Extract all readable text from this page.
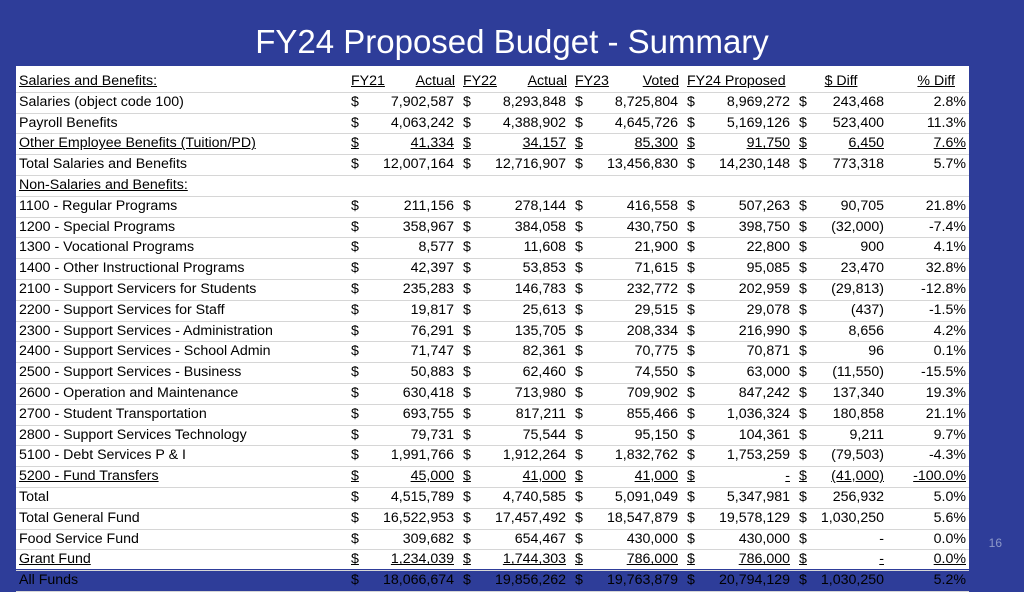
FY24 Proposed Budget - Summary
Salaries and Benefits:	FY21 Actual		FY22 Actual		FY23 Voted		FY24 Proposed		$ Diff		% Diff
Salaries (object code 100)	$	7,902,587	$	8,293,848	$	8,725,804	$	8,969,272	$	243,468	2.8%
Payroll Benefits	$	4,063,242	$	4,388,902	$	4,645,726	$	5,169,126	$	523,400	11.3%
Other Employee Benefits (Tuition/PD)	$	41,334	$	34,157	$	85,300	$	91,750	$	6,450	7.6%
Total Salaries and Benefits	$	12,007,164	$	12,716,907	$	13,456,830	$	14,230,148	$	773,318	5.7%
Non-Salaries and Benefits:											
1100 - Regular Programs	$	211,156	$	278,144	$	416,558	$	507,263	$	90,705	21.8%
1200 - Special Programs	$	358,967	$	384,058	$	430,750	$	398,750	$	(32,000)	-7.4%
1300 - Vocational Programs	$	8,577	$	11,608	$	21,900	$	22,800	$	900	4.1%
1400 - Other Instructional Programs	$	42,397	$	53,853	$	71,615	$	95,085	$	23,470	32.8%
2100 - Support Servicers for Students	$	235,283	$	146,783	$	232,772	$	202,959	$	(29,813)	-12.8%
2200 - Support Services for Staff	$	19,817	$	25,613	$	29,515	$	29,078	$	(437)	-1.5%
2300 - Support Services - Administration	$	76,291	$	135,705	$	208,334	$	216,990	$	8,656	4.2%
2400 - Support Services - School Admin	$	71,747	$	82,361	$	70,775	$	70,871	$	96	0.1%
2500 - Support Services - Business	$	50,883	$	62,460	$	74,550	$	63,000	$	(11,550)	-15.5%
2600 - Operation and Maintenance	$	630,418	$	713,980	$	709,902	$	847,242	$	137,340	19.3%
2700 - Student Transportation	$	693,755	$	817,211	$	855,466	$	1,036,324	$	180,858	21.1%
2800 - Support Services Technology	$	79,731	$	75,544	$	95,150	$	104,361	$	9,211	9.7%
5100 - Debt Services P & I	$	1,991,766	$	1,912,264	$	1,832,762	$	1,753,259	$	(79,503)	-4.3%
5200 - Fund Transfers	$	45,000	$	41,000	$	41,000	$	-	$	(41,000)	-100.0%
Total	$	4,515,789	$	4,740,585	$	5,091,049	$	5,347,981	$	256,932	5.0%
Total General Fund	$	16,522,953	$	17,457,492	$	18,547,879	$	19,578,129	$	1,030,250	5.6%
Food Service Fund	$	309,682	$	654,467	$	430,000	$	430,000	$	-	0.0%
Grant Fund	$	1,234,039	$	1,744,303	$	786,000	$	786,000	$	-	0.0%
All Funds	$	18,066,674	$	19,856,262	$	19,763,879	$	20,794,129	$	1,030,250	5.2%
16
